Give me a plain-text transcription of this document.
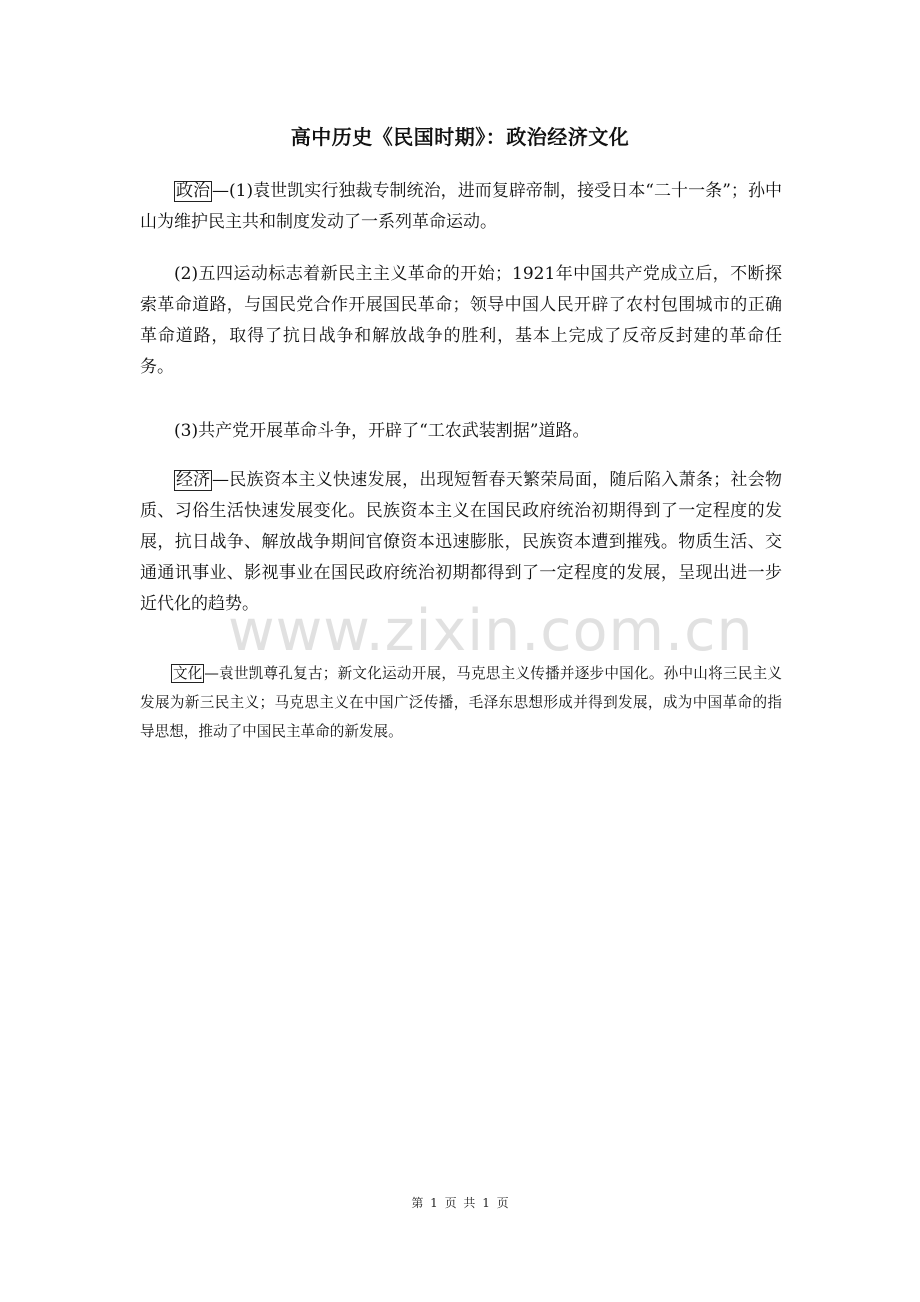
高中历史《民国时期》：政治经济文化

政治 —(1)袁世凯实行独裁专制统治，进而复辟帝制，接受日本“二十一条”；孙中山为维护民主共和制度发动了一系列革命运动。

(2)五四运动标志着新民主主义革命的开始；1921年中国共产党成立后，不断探索革命道路，与国民党合作开展国民革命；领导中国人民开辟了农村包围城市的正确革命道路，取得了抗日战争和解放战争的胜利，基本上完成了反帝反封建的革命任务。

(3)共产党开展革命斗争，开辟了“工农武装割据”道路。

经济 —民族资本主义快速发展，出现短暂春天繁荣局面，随后陷入萧条；社会物质、习俗生活快速发展变化。民族资本主义在国民政府统治初期得到了一定程度的发展，抗日战争、解放战争期间官僚资本迅速膨胀，民族资本遭到摧残。物质生活、交通通讯事业、影视事业在国民政府统治初期都得到了一定程度的发展，呈现出进一步近代化的趋势。

文化 —袁世凯尊孔复古；新文化运动开展，马克思主义传播并逐步中国化。孙中山将三民主义发展为新三民主义；马克思主义在中国广泛传播，毛泽东思想形成并得到发展，成为中国革命的指导思想，推动了中国民主革命的新发展。

www.zixin.com.cn
第 1 页 共 1 页
